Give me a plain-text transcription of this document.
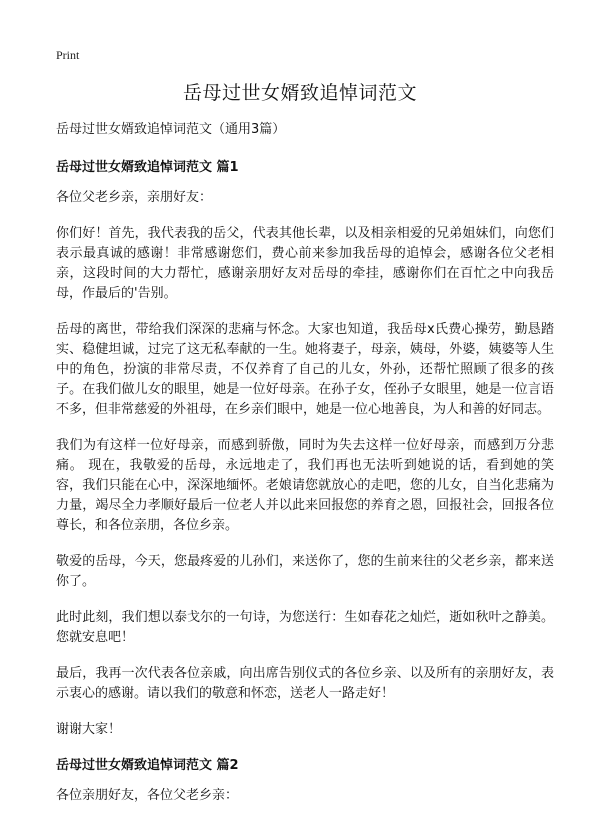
Print
岳母过世女婿致追悼词范文

岳母过世女婿致追悼词范文（通用3篇）

岳母过世女婿致追悼词范文 篇1

各位父老乡亲，亲朋好友：

你们好！首先，我代表我的岳父，代表其他长辈，以及相亲相爱的兄弟姐妹们，向您们表示最真诚的感谢！非常感谢您们，费心前来参加我岳母的追悼会，感谢各位父老相亲，这段时间的大力帮忙，感谢亲朋好友对岳母的牵挂，感谢你们在百忙之中向我岳母，作最后的'告别。

岳母的离世，带给我们深深的悲痛与怀念。大家也知道，我岳母x氏费心操劳，勤恳踏实、稳健坦诚，过完了这无私奉献的一生。她将妻子，母亲，姨母，外婆，姨婆等人生中的角色，扮演的非常尽责，不仅养育了自己的儿女，外孙，还帮忙照顾了很多的孩子。在我们做儿女的眼里，她是一位好母亲。在孙子女，侄孙子女眼里，她是一位言语不多，但非常慈爱的外祖母，在乡亲们眼中，她是一位心地善良，为人和善的好同志。

我们为有这样一位好母亲，而感到骄傲，同时为失去这样一位好母亲，而感到万分悲痛。 现在，我敬爱的岳母，永远地走了，我们再也无法听到她说的话，看到她的笑容，我们只能在心中，深深地缅怀。老娘请您就放心的走吧，您的儿女，自当化悲痛为力量，竭尽全力孝顺好最后一位老人并以此来回报您的养育之恩，回报社会，回报各位尊长，和各位亲朋，各位乡亲。

敬爱的岳母，今天，您最疼爱的儿孙们，来送你了，您的生前来往的父老乡亲，都来送你了。

此时此刻，我们想以泰戈尔的一句诗，为您送行：生如春花之灿烂，逝如秋叶之静美。您就安息吧！

最后，我再一次代表各位亲戚，向出席告别仪式的各位乡亲、以及所有的亲朋好友，表示衷心的感谢。请以我们的敬意和怀恋，送老人一路走好！

谢谢大家！

岳母过世女婿致追悼词范文 篇2

各位亲朋好友，各位父老乡亲：
